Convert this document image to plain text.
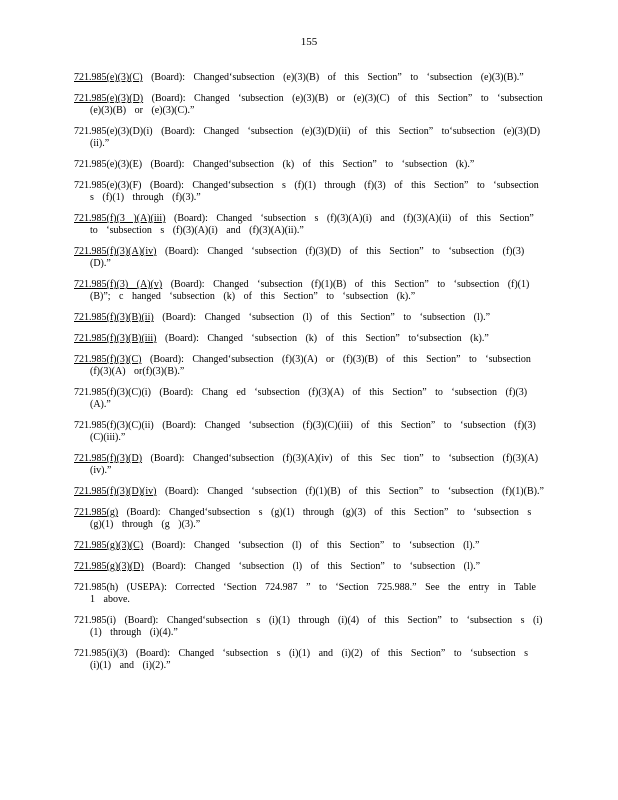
155

721.985(e)(3)(C) (Board): Changed‘subsection (e)(3)(B) of this Section” to ‘subsection (e)(3)(B).”

721.985(e)(3)(D) (Board): Changed ‘subsection (e)(3)(B) or (e)(3)(C) of this Section” to ‘subsection (e)(3)(B) or (e)(3)(C).”

721.985(e)(3)(D)(i) (Board): Changed ‘subsection (e)(3)(D)(ii) of this Section” to‘subsection (e)(3)(D)(ii).”

721.985(e)(3)(E) (Board): Changed‘subsection (k) of this Section” to ‘subsection (k).”

721.985(e)(3)(F) (Board): Changed‘subsection s (f)(1) through (f)(3) of this Section” to ‘subsection s (f)(1) through (f)(3).”

721.985(f)(3 )(A)(iii) (Board): Changed ‘subsection s (f)(3)(A)(i) and (f)(3)(A)(ii) of this Section” to ‘subsection s (f)(3)(A)(i) and (f)(3)(A)(ii).”

721.985(f)(3)(A)(iv) (Board): Changed ‘subsection (f)(3)(D) of this Section” to ‘subsection (f)(3)(D).”

721.985(f)(3) (A)(v) (Board): Changed ‘subsection (f)(1)(B) of this Section” to ‘subsection (f)(1)(B)”; c hanged ‘subsection (k) of this Section” to ‘subsection (k).”

721.985(f)(3)(B)(ii) (Board): Changed ‘subsection (l) of this Section” to ‘subsection (l).”

721.985(f)(3)(B)(iii) (Board): Changed ‘subsection (k) of this Section” to‘subsection (k).”

721.985(f)(3)(C) (Board): Changed‘subsection (f)(3)(A) or (f)(3)(B) of this Section” to ‘subsection (f)(3)(A) or(f)(3)(B).”

721.985(f)(3)(C)(i) (Board): Chang ed ‘subsection (f)(3)(A) of this Section” to ‘subsection (f)(3)(A).”

721.985(f)(3)(C)(ii) (Board): Changed ‘subsection (f)(3)(C)(iii) of this Section” to ‘subsection (f)(3)(C)(iii).”

721.985(f)(3)(D) (Board): Changed‘subsection (f)(3)(A)(iv) of this Sec tion” to ‘subsection (f)(3)(A)(iv).”

721.985(f)(3)(D)(iv) (Board): Changed ‘subsection (f)(1)(B) of this Section” to ‘subsection (f)(1)(B).”

721.985(g) (Board): Changed‘subsection s (g)(1) through (g)(3) of this Section” to ‘subsection s (g)(1) through (g )(3).”

721.985(g)(3)(C) (Board): Changed ‘subsection (l) of this Section” to ‘subsection (l).”

721.985(g)(3)(D) (Board): Changed ‘subsection (l) of this Section” to ‘subsection (l).”

721.985(h) (USEPA): Corrected ‘Section 724.987 ” to ‘Section 725.988.” See the entry in Table 1 above.

721.985(i) (Board): Changed‘subsection s (i)(1) through (i)(4) of this Section” to ‘subsection s (i)(1) through (i)(4).”

721.985(i)(3) (Board): Changed ‘subsection s (i)(1) and (i)(2) of this Section” to ‘subsection s (i)(1) and (i)(2).”
